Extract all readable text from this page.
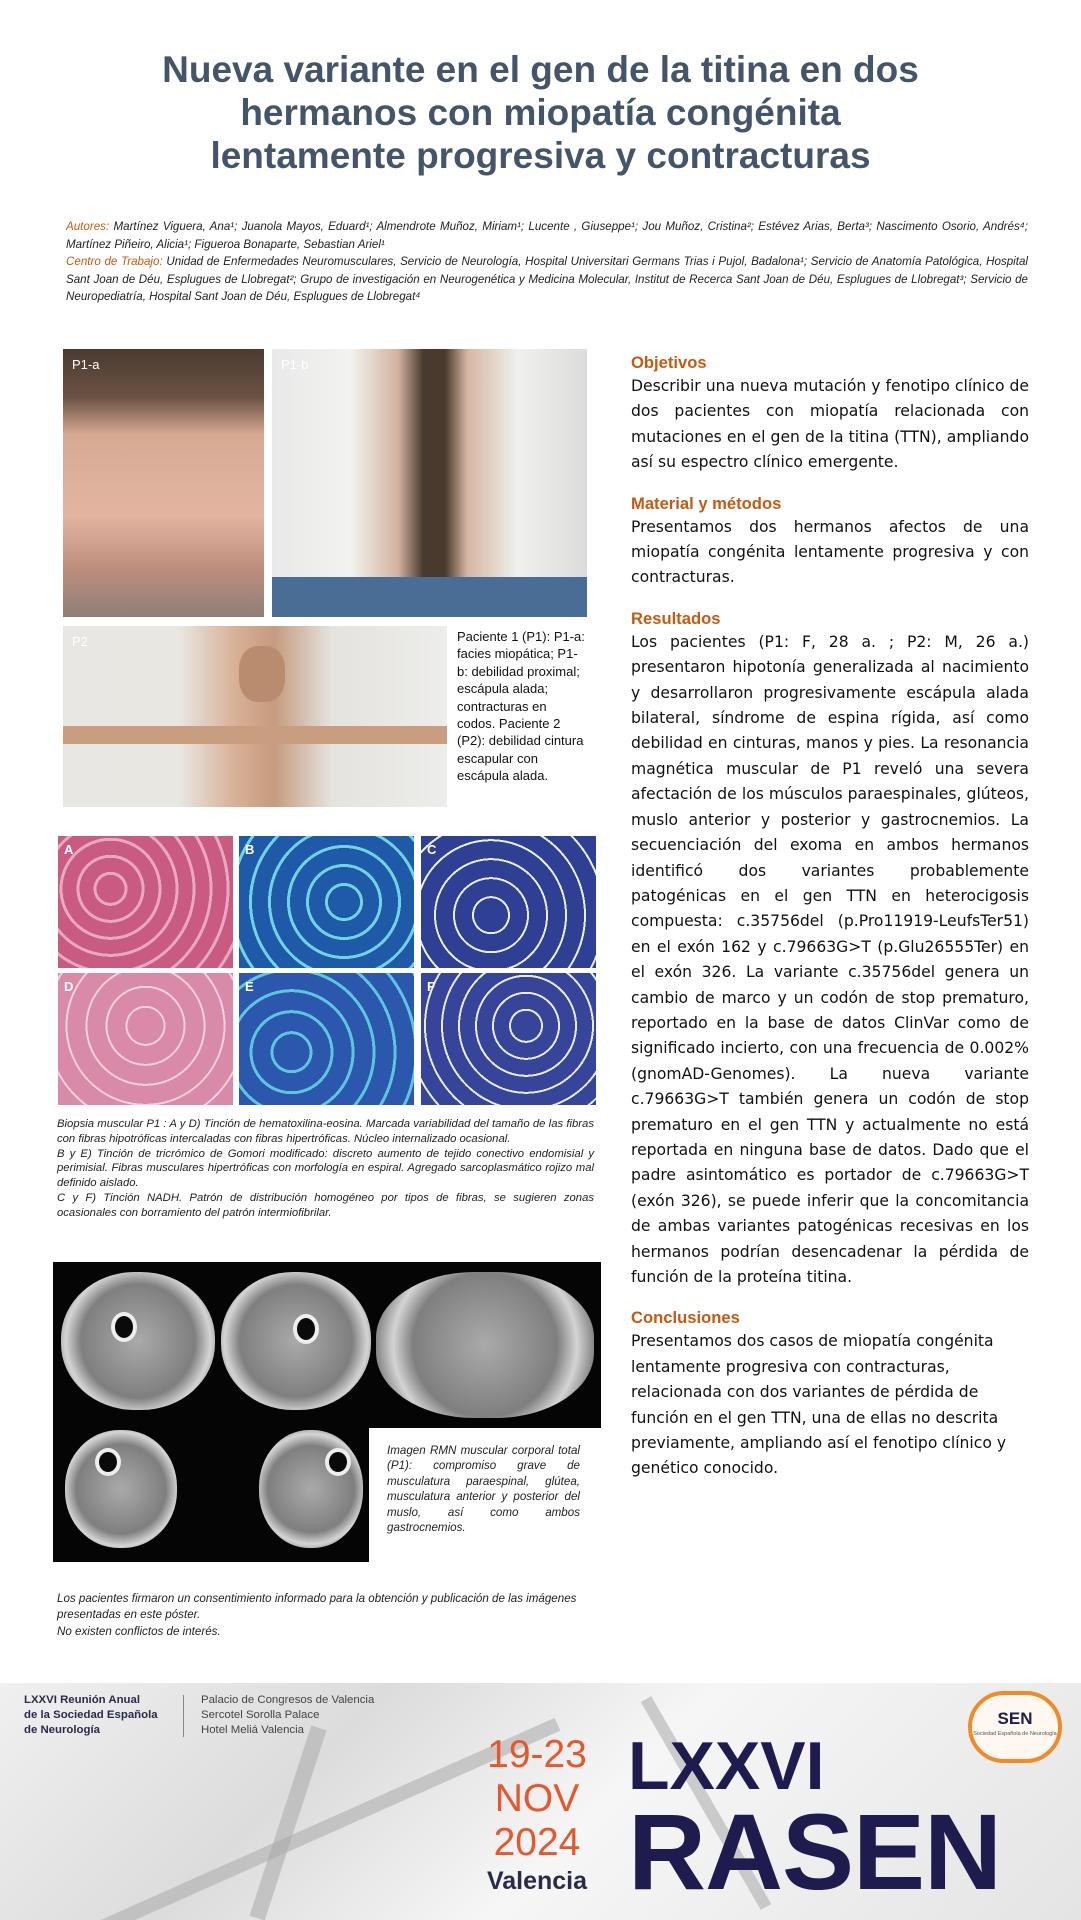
Nueva variante en el gen de la titina en dos
hermanos con miopatía congénita
lentamente progresiva y contracturas
Autores: Martínez Viguera, Ana¹; Juanola Mayos, Eduard¹; Almendrote Muñoz, Miriam¹; Lucente , Giuseppe¹; Jou Muñoz, Cristina²; Estévez Arias, Berta³; Nascimento Osorio, Andrés⁴; Martínez Piñeiro, Alicia¹; Figueroa Bonaparte, Sebastian Ariel¹
Centro de Trabajo: Unidad de Enfermedades Neuromusculares, Servicio de Neurología, Hospital Universitari Germans Trias i Pujol, Badalona¹; Servicio de Anatomía Patológica, Hospital Sant Joan de Déu, Esplugues de Llobregat²; Grupo de investigación en Neurogenética y Medicina Molecular, Institut de Recerca Sant Joan de Déu, Esplugues de Llobregat³; Servicio de Neuropediatría, Hospital Sant Joan de Déu, Esplugues de Llobregat⁴
P1-a	P1-b
P2	Paciente 1 (P1): P1-a: facies miopática; P1-b: debilidad proximal; escápula alada; contracturas en codos. Paciente 2 (P2): debilidad cintura escapular con escápula alada.
A	B	C
D	E	F
Biopsia muscular P1 : A y D) Tinción de hematoxilina-eosina. Marcada variabilidad del tamaño de las fibras con fibras hipotróficas intercaladas con fibras hipertróficas. Núcleo internalizado ocasional.
B y E) Tinción de tricrómico de Gomori modificado: discreto aumento de tejido conectivo endomisial y perimisial. Fibras musculares hipertróficas con morfología en espiral. Agregado sarcoplasmático rojizo mal definido aislado.
C y F) Tinción NADH. Patrón de distribución homogéneo por tipos de fibras, se sugieren zonas ocasionales con borramiento del patrón intermiofibrilar.
Imagen RMN muscular corporal total (P1): compromiso grave de musculatura paraespinal, glútea, musculatura anterior y posterior del muslo, así como ambos gastrocnemios.
Los pacientes firmaron un consentimiento informado para la obtención y publicación de las imágenes presentadas en este póster.
No existen conflictos de interés.
Objetivos
Describir una nueva mutación y fenotipo clínico de dos pacientes con miopatía relacionada con mutaciones en el gen de la titina (TTN), ampliando así su espectro clínico emergente.
Material y métodos
Presentamos dos hermanos afectos de una miopatía congénita lentamente progresiva y con contracturas.
Resultados
Los pacientes (P1: F, 28 a. ; P2: M, 26 a.) presentaron hipotonía generalizada al nacimiento y desarrollaron progresivamente escápula alada bilateral, síndrome de espina rígida, así como debilidad en cinturas, manos y pies. La resonancia magnética muscular de P1 reveló una severa afectación de los músculos paraespinales, glúteos, muslo anterior y posterior y gastrocnemios. La secuenciación del exoma en ambos hermanos identificó dos variantes probablemente patogénicas en el gen TTN en heterocigosis compuesta: c.35756del (p.Pro11919-LeufsTer51) en el exón 162 y c.79663G>T (p.Glu26555Ter) en el exón 326. La variante c.35756del genera un cambio de marco y un codón de stop prematuro, reportado en la base de datos ClinVar como de significado incierto, con una frecuencia de 0.002% (gnomAD-Genomes). La nueva variante c.79663G>T también genera un codón de stop prematuro en el gen TTN y actualmente no está reportada en ninguna base de datos. Dado que el padre asintomático es portador de c.79663G>T (exón 326), se puede inferir que la concomitancia de ambas variantes patogénicas recesivas en los hermanos podrían desencadenar la pérdida de función de la proteína titina.
Conclusiones
Presentamos dos casos de miopatía congénita lentamente progresiva con contracturas, relacionada con dos variantes de pérdida de función en el gen TTN, una de ellas no descrita previamente, ampliando así el fenotipo clínico y genético conocido.
LXXVI Reunión Anual
de la Sociedad Española
de Neurología
Palacio de Congresos de Valencia
Sercotel Sorolla Palace
Hotel Meliá Valencia
19-23
NOV
2024
Valencia
LXXVI
RASEN
SEN
Sociedad Española de Neurología
